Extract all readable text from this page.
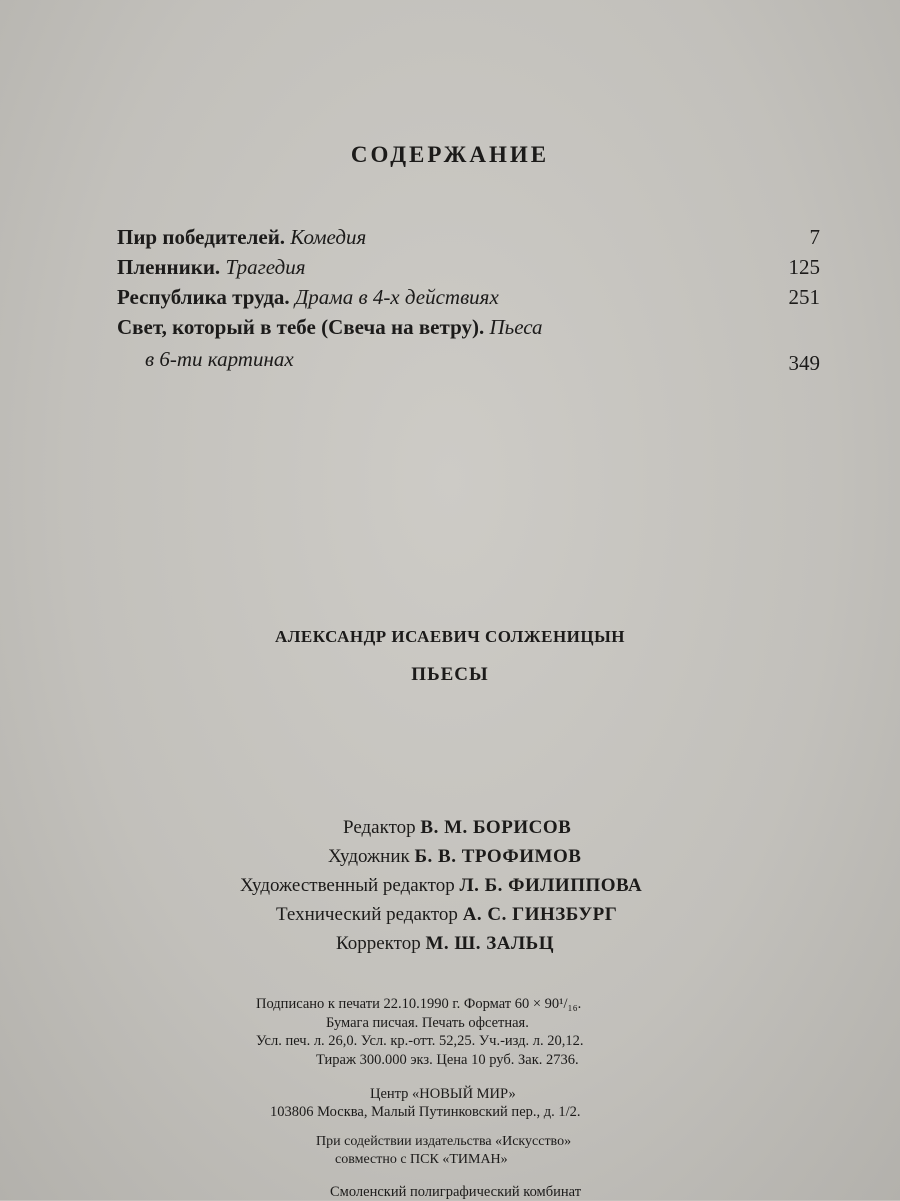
СОДЕРЖАНИЕ
Пир победителей. Комедия	7
Пленники. Трагедия	125
Республика труда. Драма в 4-х действиях	251
Свет, который в тебе (Свеча на ветру). Пьеса
в 6-ти картинах	349
АЛЕКСАНДР ИСАЕВИЧ СОЛЖЕНИЦЫН
ПЬЕСЫ
Редактор В. М. БОРИСОВ
Художник Б. В. ТРОФИМОВ
Художественный редактор Л. Б. ФИЛИППОВА
Технический редактор А. С. ГИНЗБУРГ
Корректор М. Ш. ЗАЛЬЦ
Подписано к печати 22.10.1990 г. Формат 60 × 90¹/₁₆.
Бумага писчая. Печать офсетная.
Усл. печ. л. 26,0. Усл. кр.-отт. 52,25. Уч.-изд. л. 20,12.
Тираж 300.000 экз. Цена 10 руб. Зак. 2736.
Центр «НОВЫЙ МИР»
103806 Москва, Малый Путинковский пер., д. 1/2.
При содействии издательства «Искусство»
совместно с ПСК «ТИМАН»
Смоленский полиграфический комбинат
